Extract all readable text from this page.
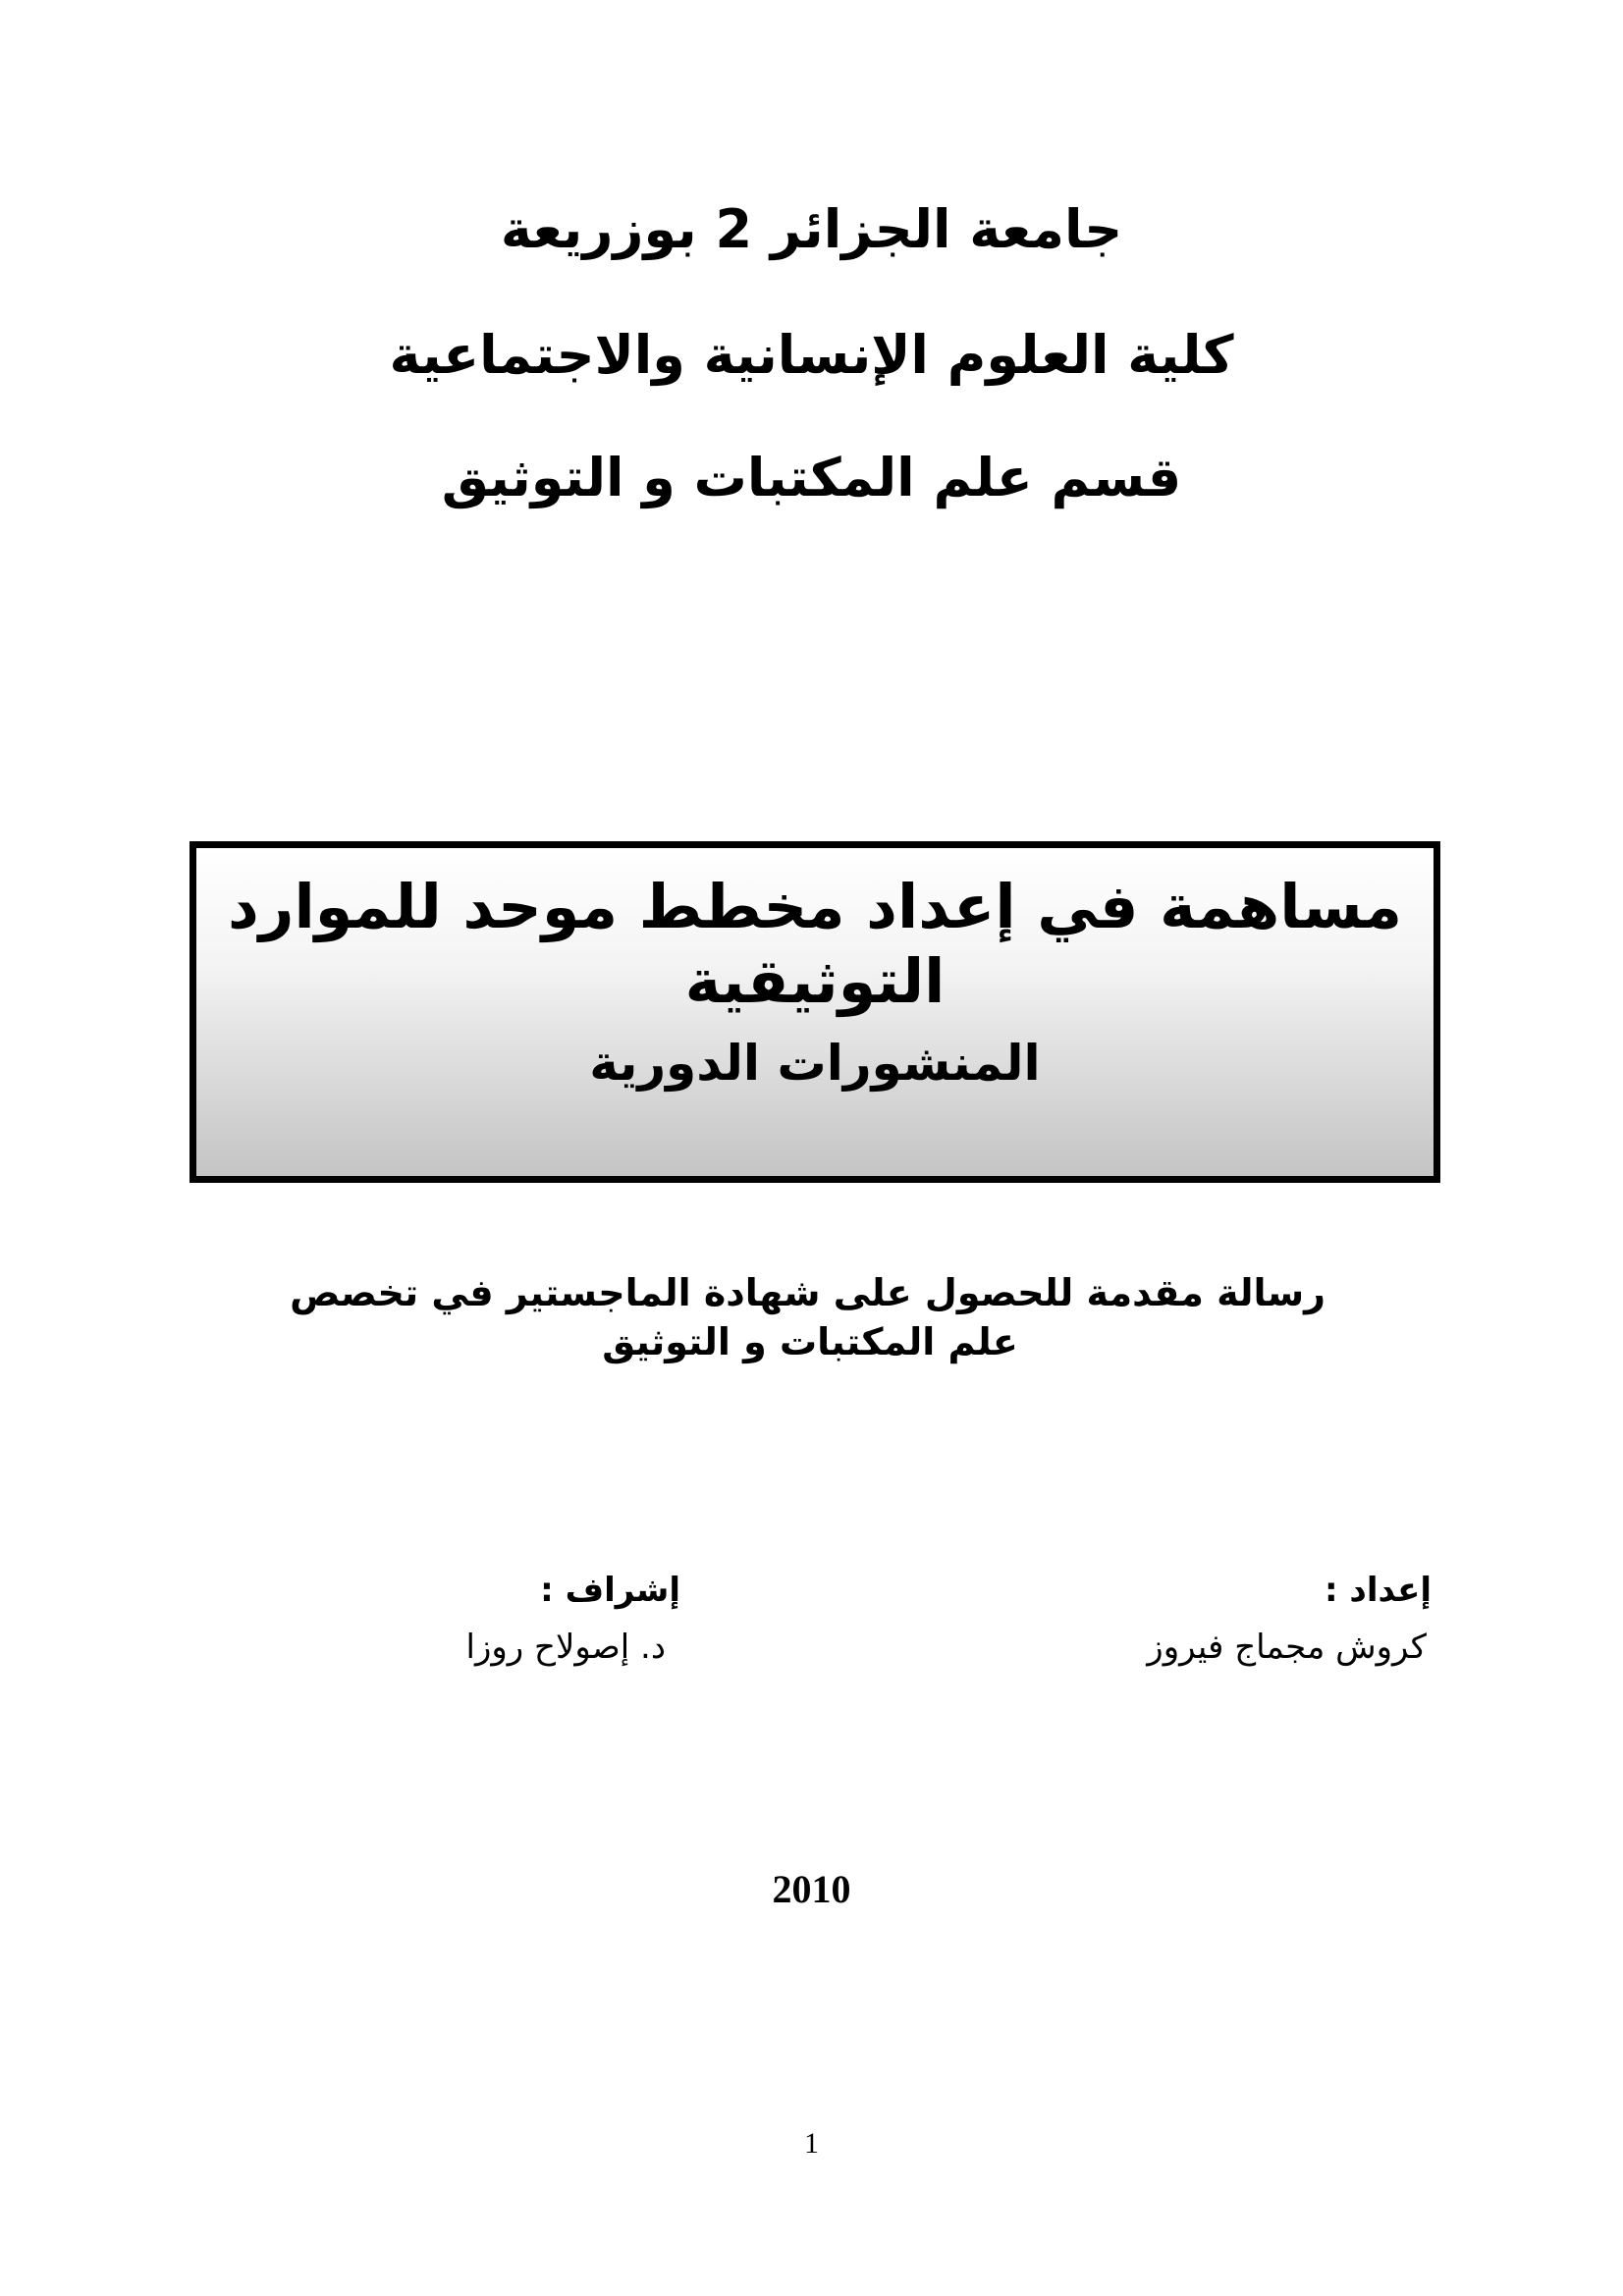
جامعة الجزائر 2 بوزريعة
كلية العلوم الإنسانية والاجتماعية
قسم علم المكتبات و التوثيق
مساهمة في إعداد مخطط موحد للموارد
التوثيقية
المنشورات الدورية
رسالة مقدمة للحصول على شهادة الماجستير في تخصص
علم المكتبات و التوثيق
إعداد :
كروش مجماج فيروز
إشراف :
د. إصولاح روزا
2010
1
